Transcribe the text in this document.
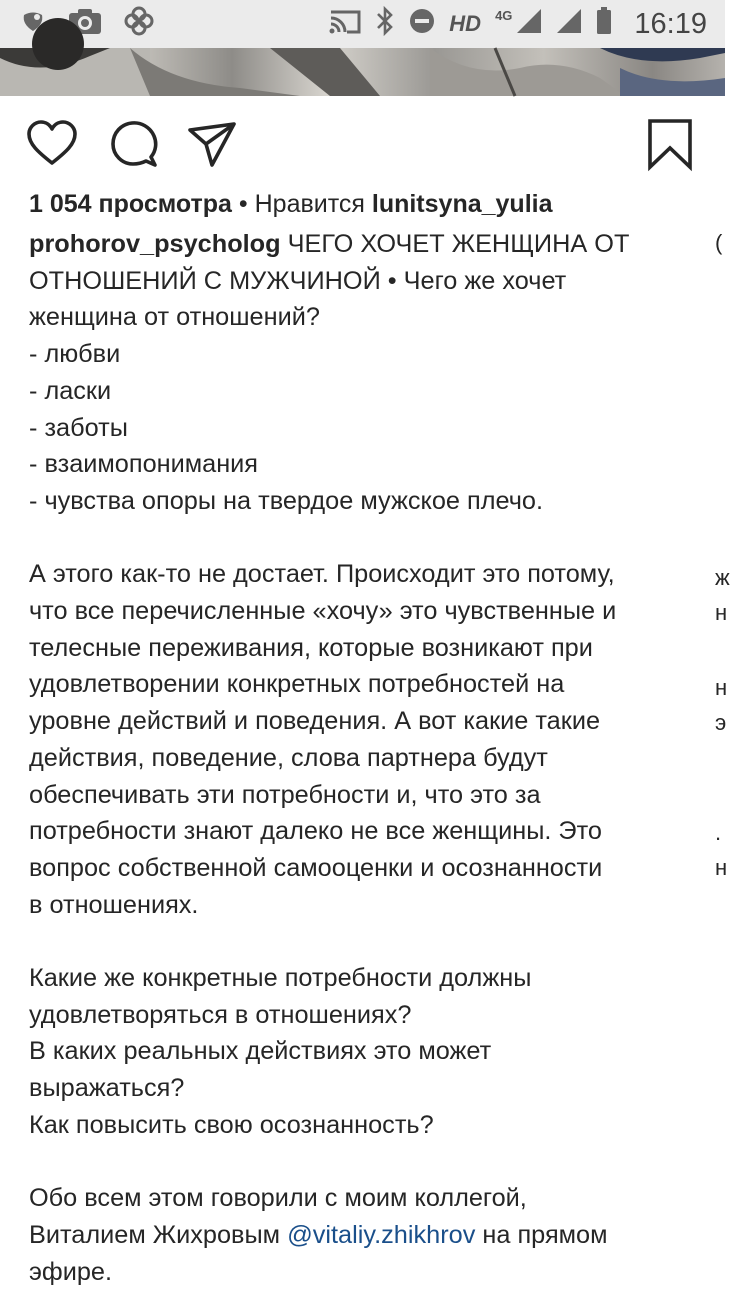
HD 4G	16:19
1 054 просмотра • Нравится lunitsyna_yulia
prohorov_psycholog ЧЕГО ХОЧЕТ ЖЕНЩИНА ОТ
ОТНОШЕНИЙ С МУЖЧИНОЙ • Чего же хочет
женщина от отношений?
- любви
- ласки
- заботы
- взаимопонимания
- чувства опоры на твердое мужское плечо.

А этого как-то не достает. Происходит это потому,
что все перечисленные «хочу» это чувственные и
телесные переживания, которые возникают при
удовлетворении конкретных потребностей на
уровне действий и поведения. А вот какие такие
действия, поведение, слова партнера будут
обеспечивать эти потребности и, что это за
потребности знают далеко не все женщины. Это
вопрос собственной самооценки и осознанности
в отношениях.

Какие же конкретные потребности должны
удовлетворяться в отношениях?
В каких реальных действиях это может
выражаться?
Как повысить свою осознанность?

Обо всем этом говорили с моим коллегой,
Виталием Жихровым @vitaliy.zhikhrov на прямом
эфире.
(
ж
н
н
э
.
н
